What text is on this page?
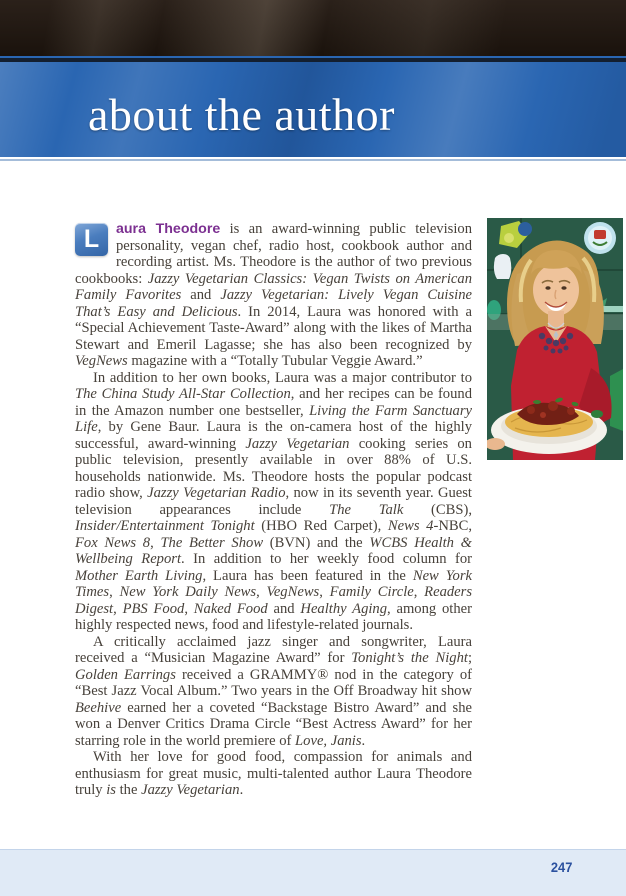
about the author

L	aura Theodore is an award-winning public television personality, vegan chef, radio host, cookbook author and recording artist. Ms. Theodore is the author of two previous cookbooks: Jazzy Vegetarian Classics: Vegan Twists on American Family Favorites and Jazzy Vegetarian: Lively Vegan Cuisine That’s Easy and Delicious. In 2014, Laura was honored with a “Special Achievement Taste-Award” along with the likes of Martha Stewart and Emeril Lagasse; she has also been recognized by VegNews magazine with a “Totally Tubular Veggie Award.”

In addition to her own books, Laura was a major contributor to The China Study All-Star Collection, and her recipes can be found in the Amazon number one bestseller, Living the Farm Sanctuary Life, by Gene Baur. Laura is the on-camera host of the highly successful, award-winning Jazzy Vegetarian cooking series on public television, presently available in over 88% of U.S. households nationwide. Ms. Theodore hosts the popular podcast radio show, Jazzy Vegetarian Radio, now in its seventh year. Guest television appearances include The Talk (CBS), Insider/Entertainment Tonight (HBO Red Carpet), News 4-NBC, Fox News 8, The Better Show (BVN) and the WCBS Health & Wellbeing Report. In addition to her weekly food column for Mother Earth Living, Laura has been featured in the New York Times, New York Daily News, VegNews, Family Circle, Readers Digest, PBS Food, Naked Food and Healthy Aging, among other highly respected news, food and lifestyle-related journals.

A critically acclaimed jazz singer and songwriter, Laura received a “Musician Magazine Award” for Tonight’s the Night; Golden Earrings received a GRAMMY® nod in the category of “Best Jazz Vocal Album.” Two years in the Off Broadway hit show Beehive earned her a coveted “Backstage Bistro Award” and she won a Denver Critics Drama Circle “Best Actress Award” for her starring role in the world premiere of Love, Janis.

With her love for good food, compassion for animals and enthusiasm for great music, multi-talented author Laura Theodore truly is the Jazzy Vegetarian.

247
